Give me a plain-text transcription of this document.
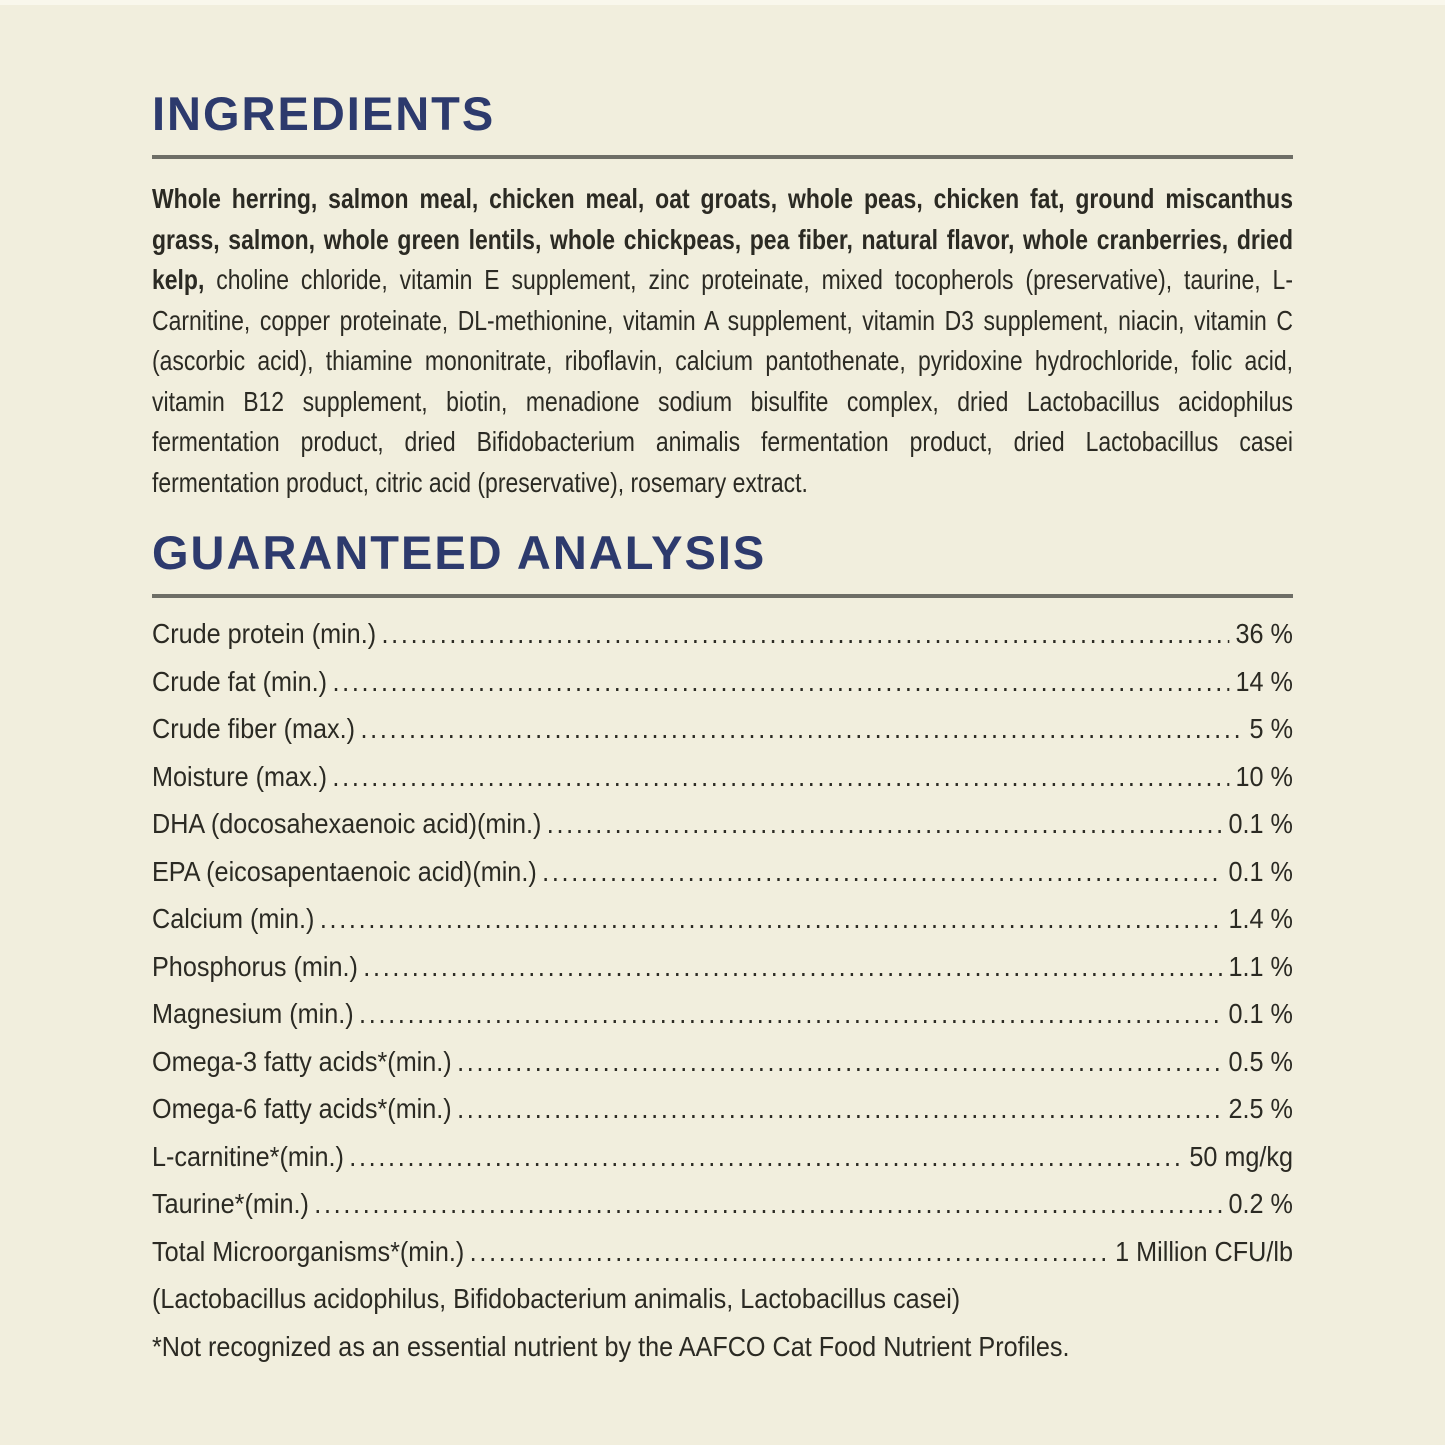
INGREDIENTS

Whole herring, salmon meal, chicken meal, oat groats, whole peas, chicken fat, ground miscanthus grass, salmon, whole green lentils, whole chickpeas, pea fiber, natural flavor, whole cranberries, dried kelp, choline chloride, vitamin E supplement, zinc proteinate, mixed tocopherols (preservative), taurine, L-Carnitine, copper proteinate, DL-methionine, vitamin A supplement, vitamin D3 supplement, niacin, vitamin C (ascorbic acid), thiamine mononitrate, riboflavin, calcium pantothenate, pyridoxine hydrochloride, folic acid, vitamin B12 supplement, biotin, menadione sodium bisulfite complex, dried Lactobacillus acidophilus fermentation product, dried Bifidobacterium animalis fermentation product, dried Lactobacillus casei fermentation product, citric acid (preservative), rosemary extract.

GUARANTEED ANALYSIS
Crude protein (min.) .....	36 %
Crude fat (min.) .....	14 %
Crude fiber (max.) .....	5 %
Moisture (max.) .....	10 %
DHA (docosahexaenoic acid)(min.) .....	0.1 %
EPA (eicosapentaenoic acid)(min.) .....	0.1 %
Calcium (min.) .....	1.4 %
Phosphorus (min.) .....	1.1 %
Magnesium (min.) .....	0.1 %
Omega-3 fatty acids*(min.) .....	0.5 %
Omega-6 fatty acids*(min.) .....	2.5 %
L-carnitine*(min.) .....	50 mg/kg
Taurine*(min.) .....	0.2 %
Total Microorganisms*(min.) .....	1 Million CFU/lb
(Lactobacillus acidophilus, Bifidobacterium animalis, Lactobacillus casei)
*Not recognized as an essential nutrient by the AAFCO Cat Food Nutrient Profiles.
